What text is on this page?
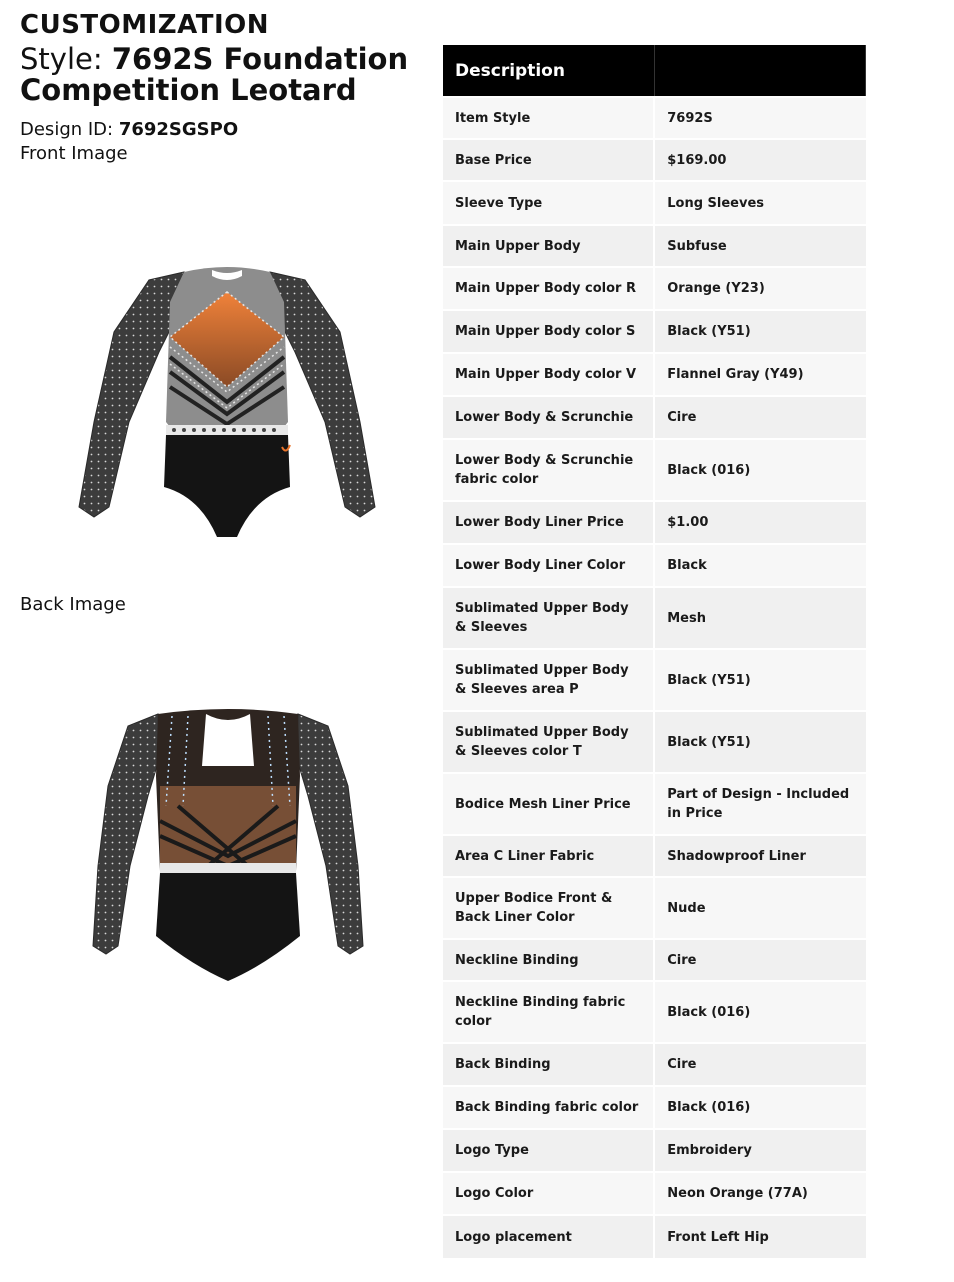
CUSTOMIZATION
Style: 7692S Foundation Competition Leotard
Design ID: 7692SGSPO
Front Image
Back Image
Description	
Item Style	7692S
Base Price	$169.00
Sleeve Type	Long Sleeves
Main Upper Body	Subfuse
Main Upper Body color R	Orange (Y23)
Main Upper Body color S	Black (Y51)
Main Upper Body color V	Flannel Gray (Y49)
Lower Body & Scrunchie	Cire
Lower Body & Scrunchie fabric color	Black (016)
Lower Body Liner Price	$1.00
Lower Body Liner Color	Black
Sublimated Upper Body & Sleeves	Mesh
Sublimated Upper Body & Sleeves area P	Black (Y51)
Sublimated Upper Body & Sleeves color T	Black (Y51)
Bodice Mesh Liner Price	Part of Design - Included in Price
Area C Liner Fabric	Shadowproof Liner
Upper Bodice Front & Back Liner Color	Nude
Neckline Binding	Cire
Neckline Binding fabric color	Black (016)
Back Binding	Cire
Back Binding fabric color	Black (016)
Logo Type	Embroidery
Logo Color	Neon Orange (77A)
Logo placement	Front Left Hip
